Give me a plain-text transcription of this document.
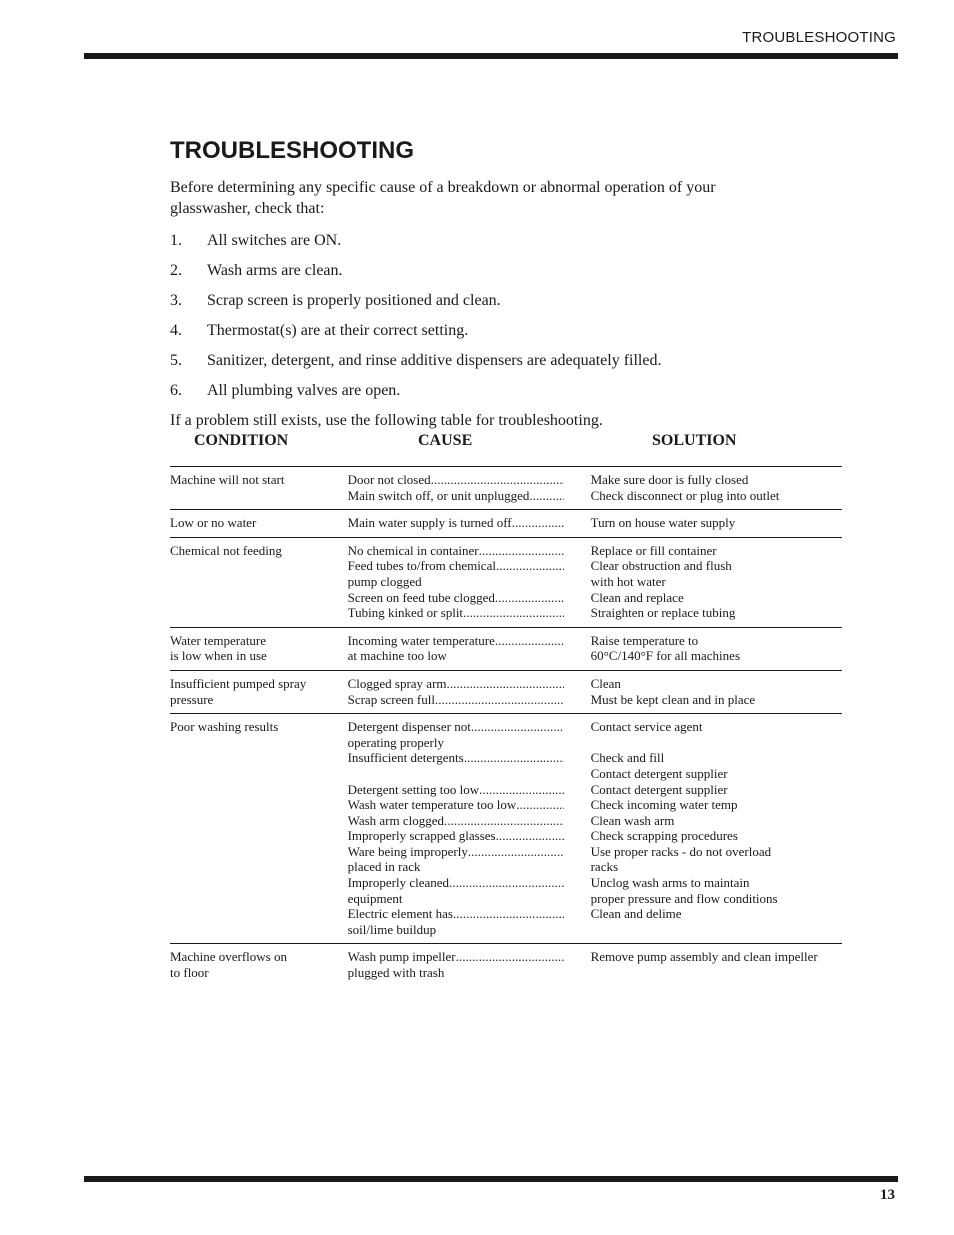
TROUBLESHOOTING
TROUBLESHOOTING

Before determining any specific cause of a breakdown or abnormal operation of your glasswasher, check that:

1.	All switches are ON.
2.	Wash arms are clean.
3.	Scrap screen is properly positioned and clean.
4.	Thermostat(s) are at their correct setting.
5.	Sanitizer, detergent, and rinse additive dispensers are adequately filled.
6.	All plumbing valves are open.

If a problem still exists, use the following table for troubleshooting.

CONDITION	CAUSE	SOLUTION
Machine will not start	Door not closed
. . .
Main switch off, or unit unplugged
. . .
Make sure door is fully closed
Check disconnect or plug into outlet
Low or no water	Main water supply is turned off
. . .	Turn on house water supply
Chemical not feeding	No chemical in container
. . .
Feed tubes to/from chemical
. . .
pump clogged
Screen on feed tube clogged
. . .
Tubing kinked or split
. . .
Replace or fill container
Clear obstruction and flush
with hot water
Clean and replace
Straighten or replace tubing
Water temperature
is low when in use
Incoming water temperature
. . .
at machine too low
Raise temperature to
60°C/140°F for all machines
Insufficient pumped spray
pressure
Clogged spray arm
. . .
Scrap screen full
. . .
Clean
Must be kept clean and in place
Poor washing results	Detergent dispenser not
. . .
operating properly
Insufficient detergents
. . .
Detergent setting too low
. . .
Wash water temperature too low
. . .
Wash arm clogged
. . .
Improperly scrapped glasses
. . .
Ware being improperly
. . .
placed in rack
Improperly cleaned
. . .
equipment
Electric element has
. . .
soil/lime buildup
Contact service agent
Check and fill
Contact detergent supplier
Contact detergent supplier
Check incoming water temp
Clean wash arm
Check scrapping procedures
Use proper racks - do not overload
racks
Unclog wash arms to maintain
proper pressure and flow conditions
Clean and delime
Machine overflows on
to floor
Wash pump impeller
. . .
plugged with trash
Remove pump assembly and clean impeller
13
